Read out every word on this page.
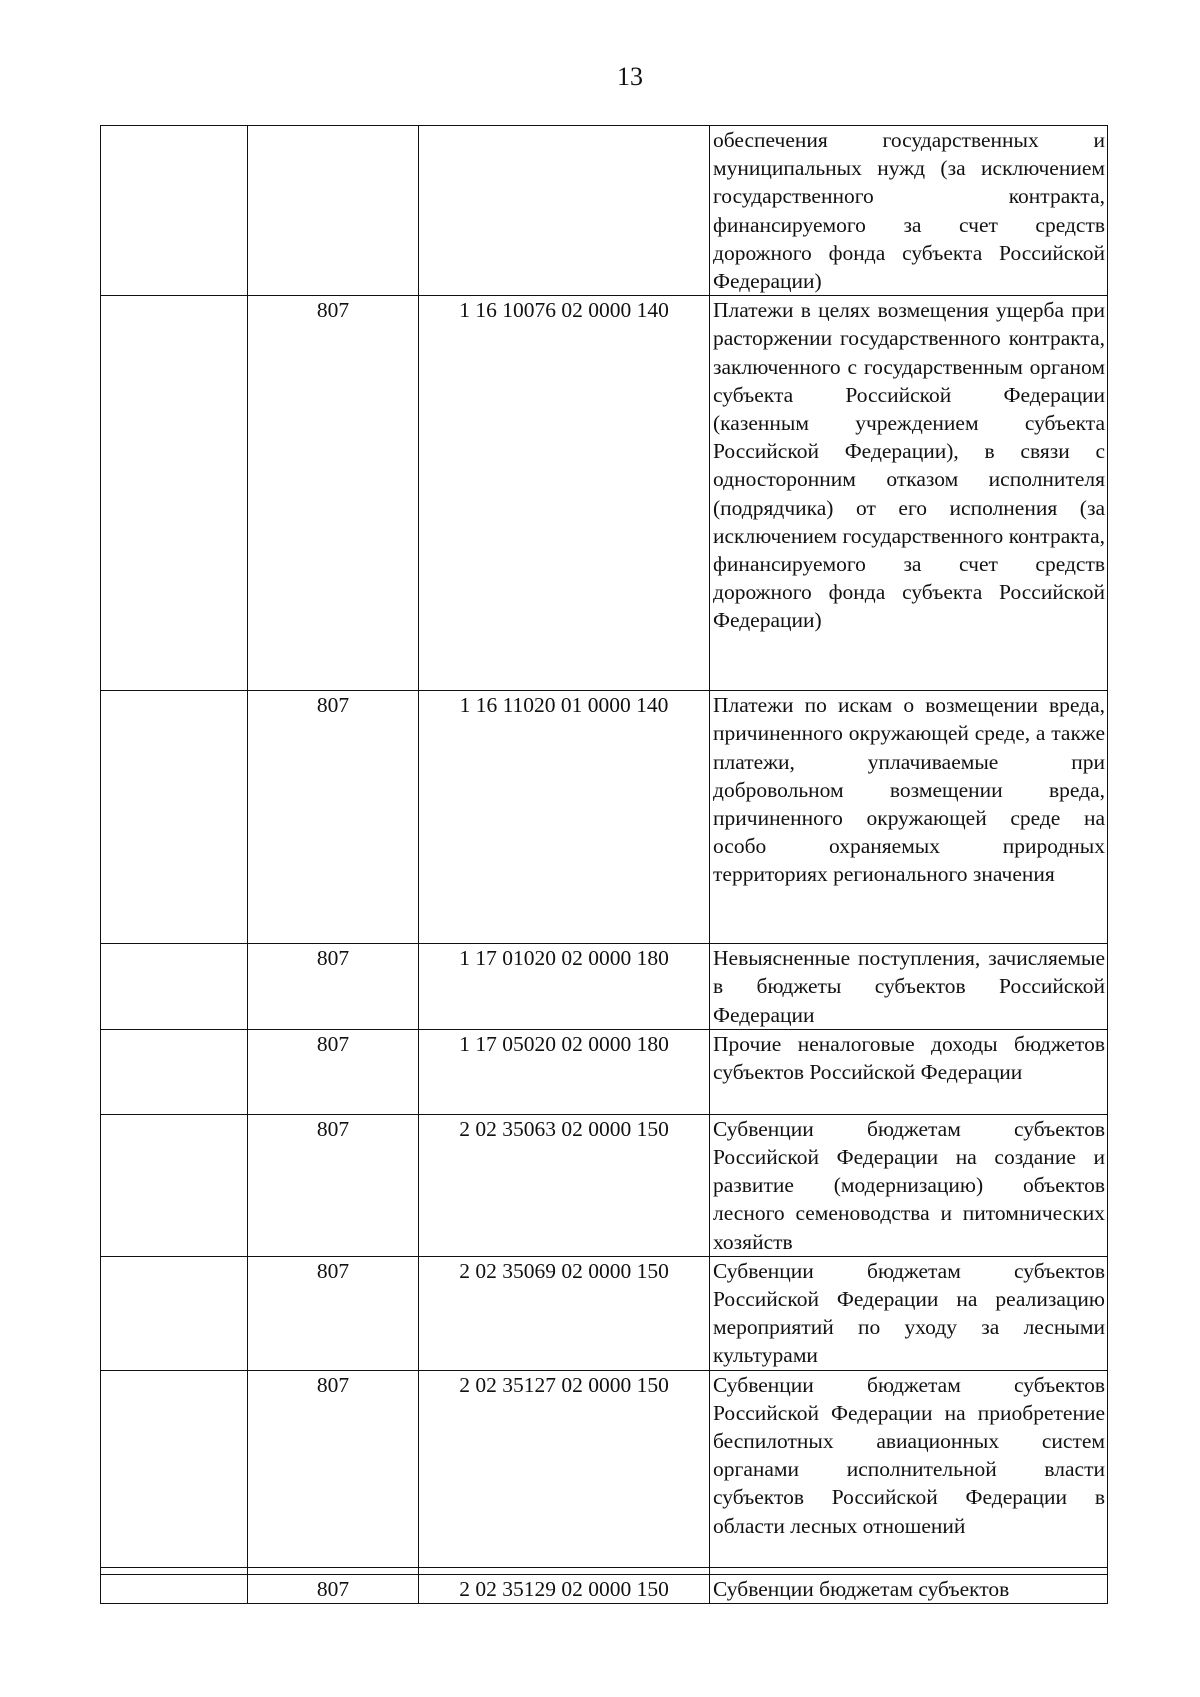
13
			обеспечения государственных и муниципальных нужд (за исключением государственного контракта, финансируемого за счет средств дорожного фонда субъекта Российской Федерации)
	807	1 16 10076 02 0000 140	Платежи в целях возмещения ущерба при расторжении государственного контракта, заключенного с государственным органом субъекта Российской Федерации (казенным учреждением субъекта Российской Федерации), в связи с односторонним отказом исполнителя (подрядчика) от его исполнения (за исключением государственного контракта, финансируемого за счет средств дорожного фонда субъекта Российской Федерации)
	807	1 16 11020 01 0000 140	Платежи по искам о возмещении вреда, причиненного окружающей среде, а также платежи, уплачиваемые при добровольном возмещении вреда, причиненного окружающей среде на особо охраняемых природных территориях регионального значения
	807	1 17 01020 02 0000 180	Невыясненные поступления, зачисляемые в бюджеты субъектов Российской Федерации
	807	1 17 05020 02 0000 180	Прочие неналоговые доходы бюджетов субъектов Российской Федерации
	807	2 02 35063 02 0000 150	Субвенции бюджетам субъектов Российской Федерации на создание и развитие (модернизацию) объектов лесного семеноводства и питомнических хозяйств
	807	2 02 35069 02 0000 150	Субвенции бюджетам субъектов Российской Федерации на реализацию мероприятий по уходу за лесными культурами
	807	2 02 35127 02 0000 150	Субвенции бюджетам субъектов Российской Федерации на приобретение беспилотных авиационных систем органами исполнительной власти субъектов Российской Федерации в области лесных отношений

	807	2 02 35129 02 0000 150	Субвенции бюджетам субъектов
